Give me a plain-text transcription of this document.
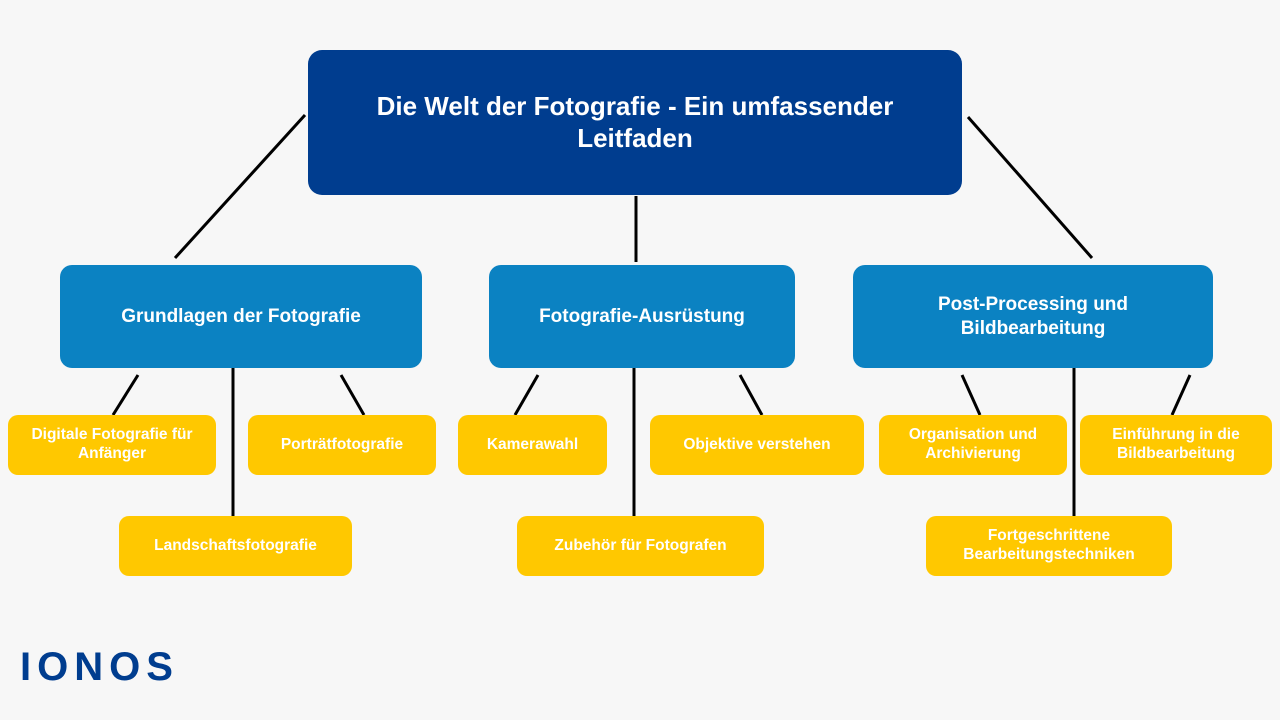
Die Welt der Fotografie - Ein umfassender Leitfaden
Grundlagen der Fotografie	Fotografie-Ausrüstung
Post-Processing und Bildbearbeitung
Digitale Fotografie für Anfänger
Landschaftsfotografie
Porträtfotografie	Kamerawahl
Zubehör für Fotografen
Objektive verstehen
Organisation und Archivierung
Fortgeschrittene Bearbeitungstechniken
Einführung in die Bildbearbeitung
IONOS
